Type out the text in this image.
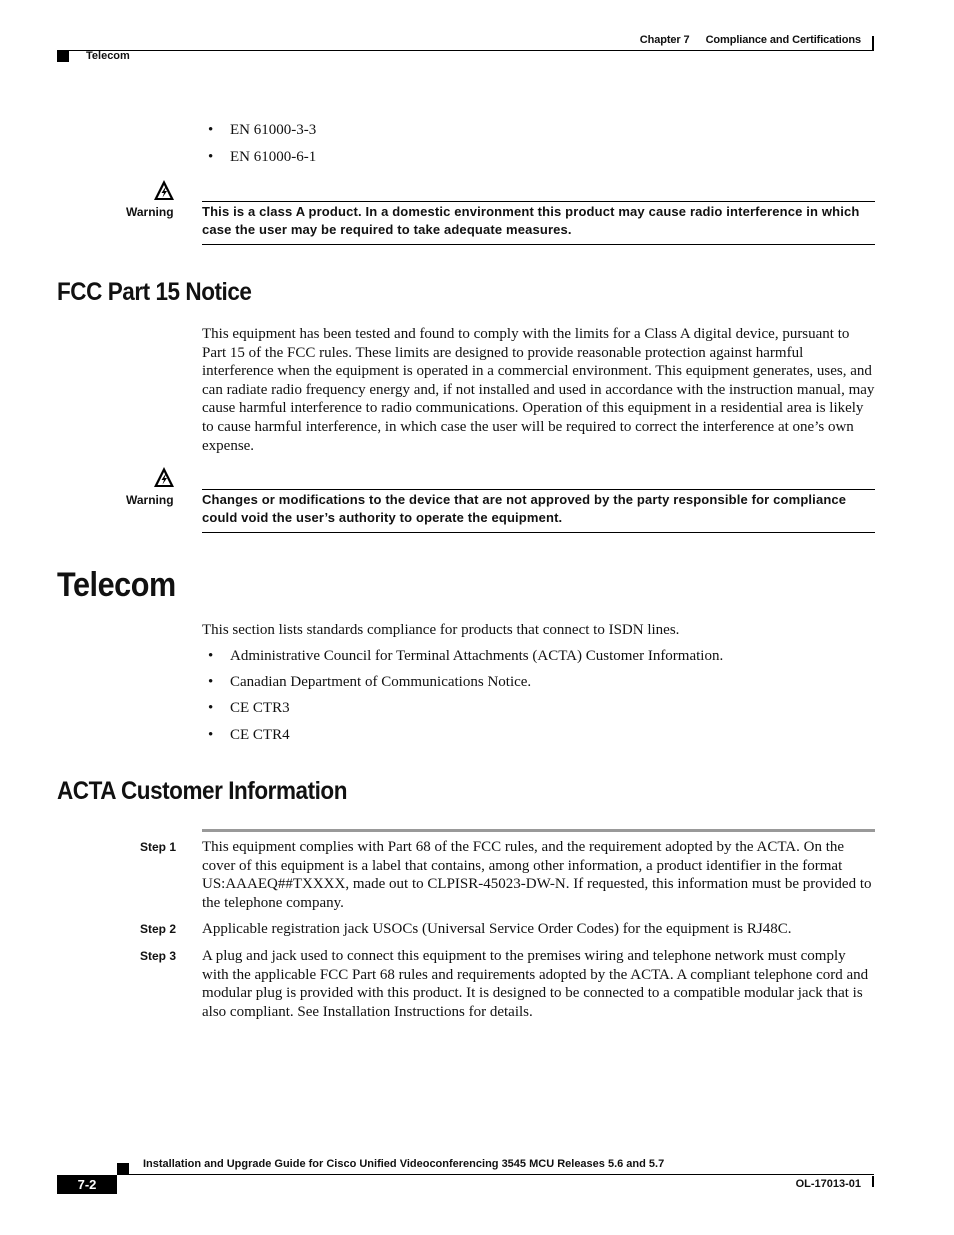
Chapter 7 Compliance and Certifications
Telecom
• EN 61000-3-3
• EN 61000-6-1
Warning This is a class A product. In a domestic environment this product may cause radio interference in which case the user may be required to take adequate measures.
FCC Part 15 Notice
This equipment has been tested and found to comply with the limits for a Class A digital device, pursuant to Part 15 of the FCC rules. These limits are designed to provide reasonable protection against harmful interference when the equipment is operated in a commercial environment. This equipment generates, uses, and can radiate radio frequency energy and, if not installed and used in accordance with the instruction manual, may cause harmful interference to radio communications. Operation of this equipment in a residential area is likely to cause harmful interference, in which case the user will be required to correct the interference at one’s own expense.
Warning Changes or modifications to the device that are not approved by the party responsible for compliance could void the user’s authority to operate the equipment.
Telecom
This section lists standards compliance for products that connect to ISDN lines.
• Administrative Council for Terminal Attachments (ACTA) Customer Information.
• Canadian Department of Communications Notice.
• CE CTR3
• CE CTR4
ACTA Customer Information
Step 1 This equipment complies with Part 68 of the FCC rules, and the requirement adopted by the ACTA. On the cover of this equipment is a label that contains, among other information, a product identifier in the format US:AAAEQ##TXXXX, made out to CLPISR-45023-DW-N. If requested, this information must be provided to the telephone company.
Step 2 Applicable registration jack USOCs (Universal Service Order Codes) for the equipment is RJ48C.
Step 3 A plug and jack used to connect this equipment to the premises wiring and telephone network must comply with the applicable FCC Part 68 rules and requirements adopted by the ACTA. A compliant telephone cord and modular plug is provided with this product. It is designed to be connected to a compatible modular jack that is also compliant. See Installation Instructions for details.
Installation and Upgrade Guide for Cisco Unified Videoconferencing 3545 MCU Releases 5.6 and 5.7
7-2	OL-17013-01
